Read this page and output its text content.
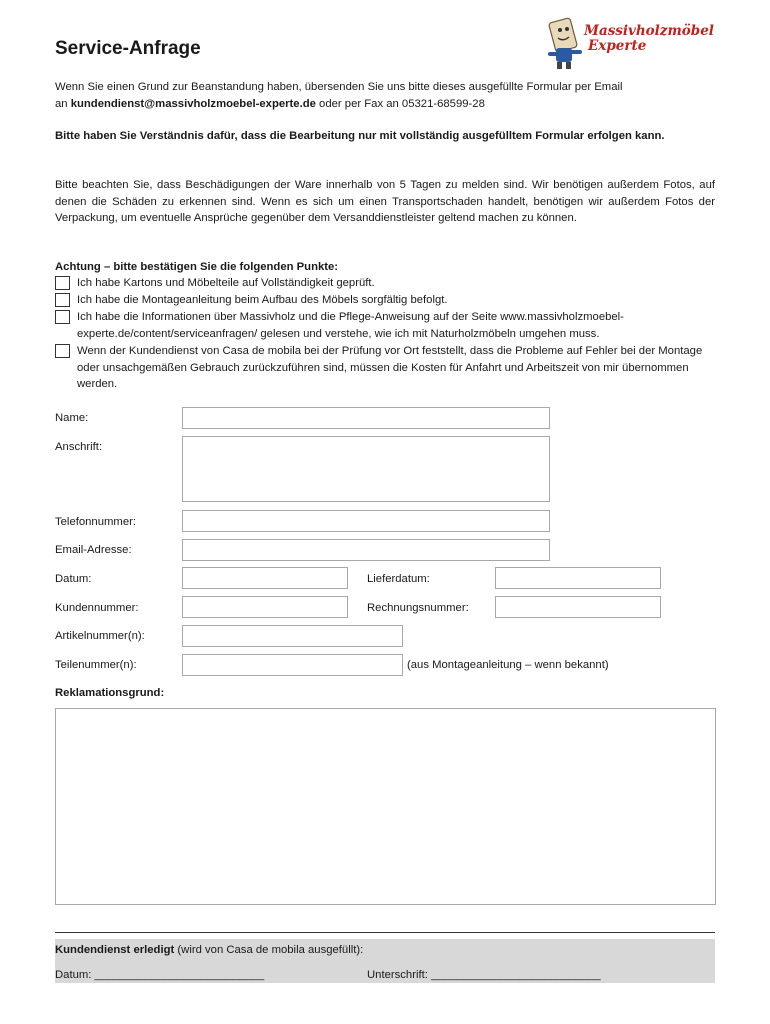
Service-Anfrage
Massivholzmöbel
Experte
Wenn Sie einen Grund zur Beanstandung haben, übersenden Sie uns bitte dieses ausgefüllte Formular per Email
an kundendienst@massivholzmoebel-experte.de oder per Fax an 05321-68599-28
Bitte haben Sie Verständnis dafür, dass die Bearbeitung nur mit vollständig ausgefülltem Formular erfolgen kann.
Bitte beachten Sie, dass Beschädigungen der Ware innerhalb von 5 Tagen zu melden sind. Wir benötigen außerdem Fotos, auf denen die Schäden zu erkennen sind. Wenn es sich um einen Transportschaden handelt, benötigen wir außerdem Fotos der Verpackung, um eventuelle Ansprüche gegenüber dem Versanddienstleister geltend machen zu können.
Achtung – bitte bestätigen Sie die folgenden Punkte:
Ich habe Kartons und Möbelteile auf Vollständigkeit geprüft.
Ich habe die Montageanleitung beim Aufbau des Möbels sorgfältig befolgt.
Ich habe die Informationen über Massivholz und die Pflege-Anweisung auf der Seite www.massivholzmoebel-experte.de/content/serviceanfragen/ gelesen und verstehe, wie ich mit Naturholzmöbeln umgehen muss.
Wenn der Kundendienst von Casa de mobila bei der Prüfung vor Ort feststellt, dass die Probleme auf Fehler bei der Montage oder unsachgemäßen Gebrauch zurückzuführen sind, müssen die Kosten für Anfahrt und Arbeitszeit von mir übernommen werden.
Name:
Anschrift:
Telefonnummer:
Email-Adresse:
Datum:	Lieferdatum:
Kundennummer:	Rechnungsnummer:
Artikelnummer(n):
Teilenummer(n):	(aus Montageanleitung – wenn bekannt)
Reklamationsgrund:
Kundendienst erledigt (wird von Casa de mobila ausgefüllt):
Datum: ___________________________	Unterschrift: ___________________________
